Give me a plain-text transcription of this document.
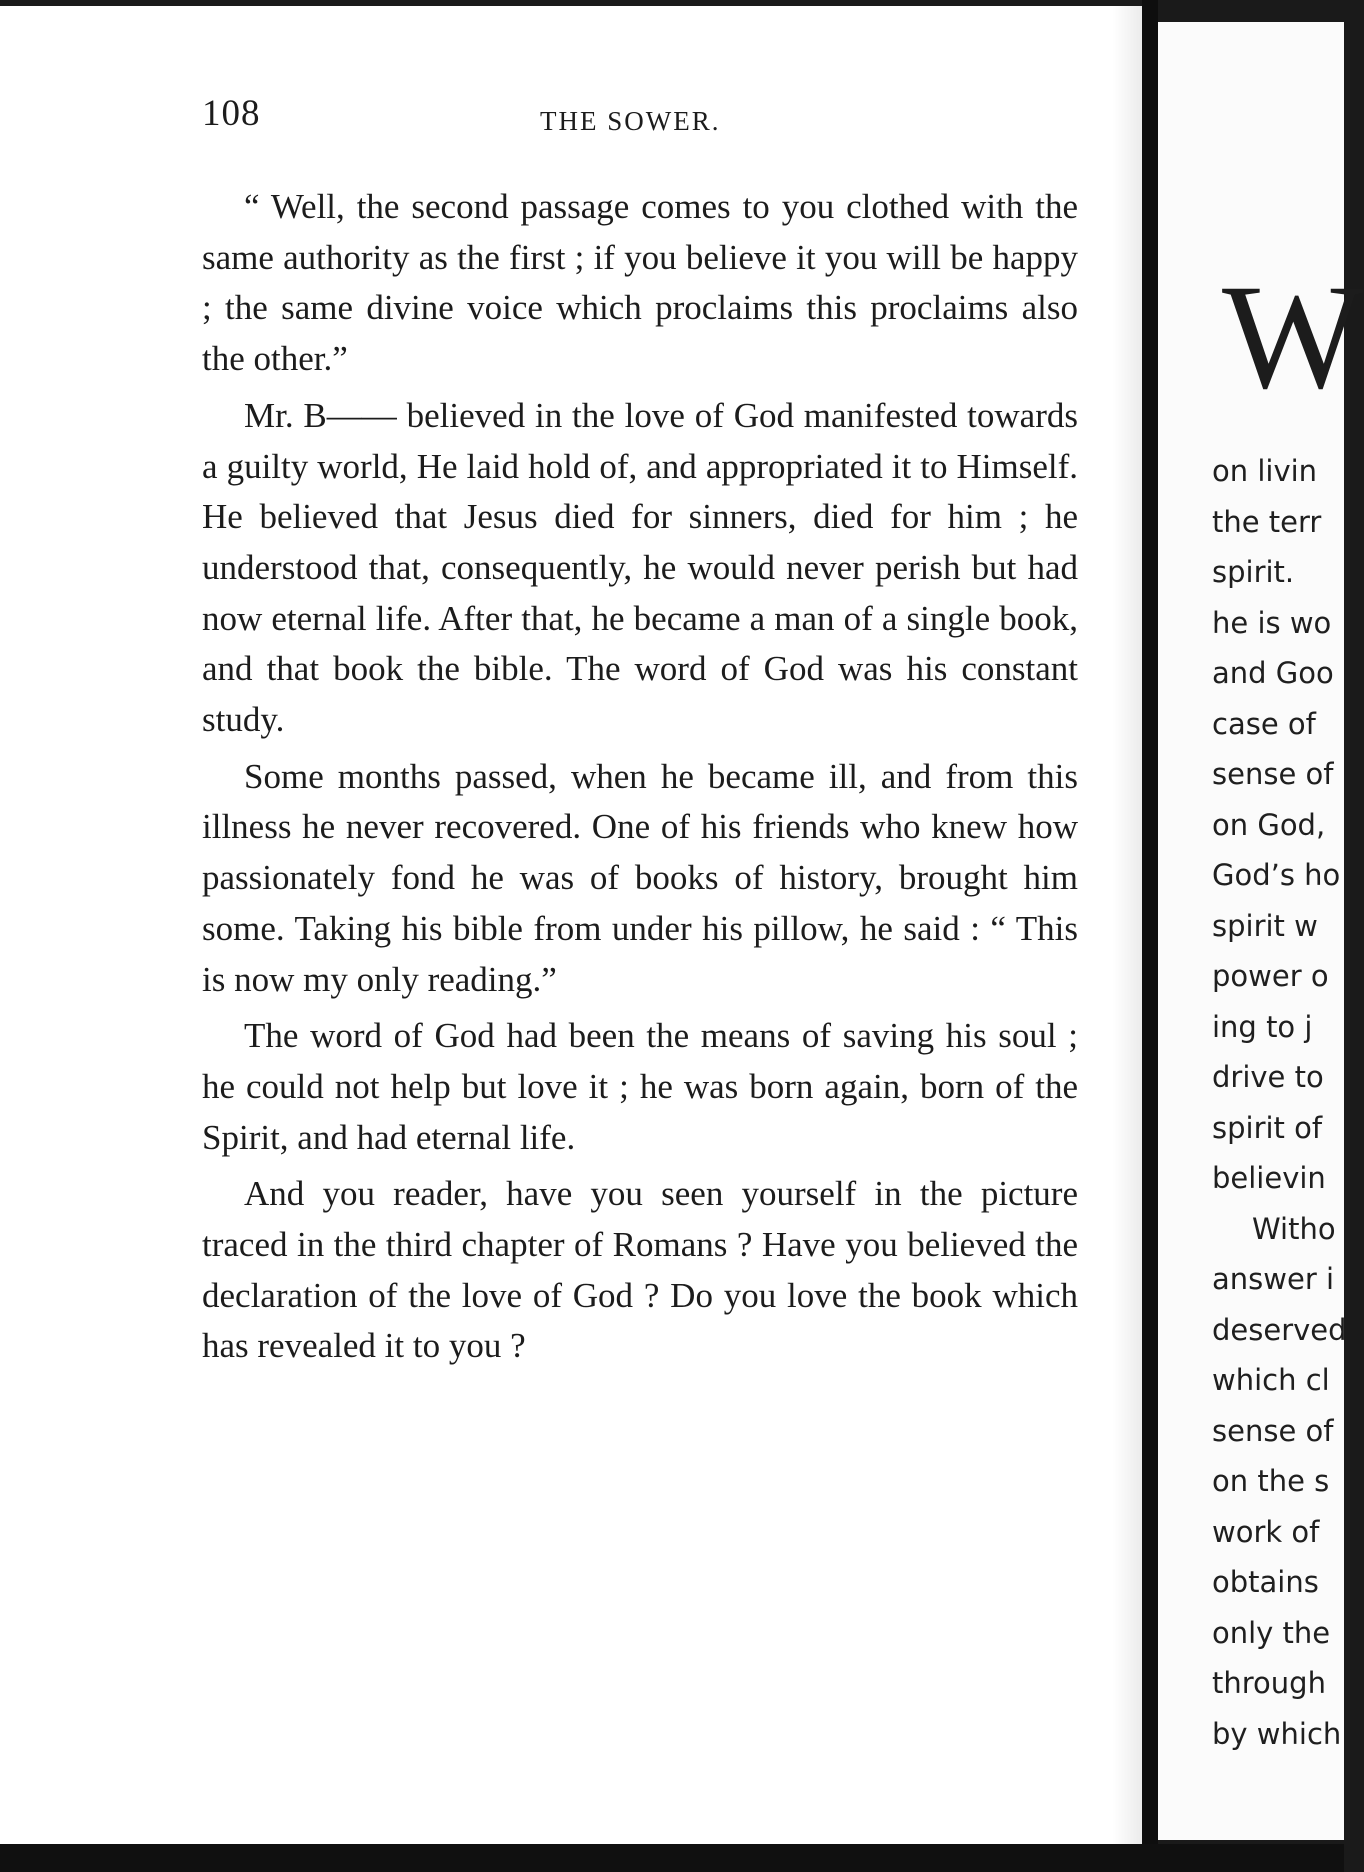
108	THE SOWER.

“ Well, the second passage comes to you clothed with the same authority as the first ; if you believe it you will be happy ; the same divine voice which proclaims this proclaims also the other.”

Mr. B—— believed in the love of God manifested towards a guilty world, He laid hold of, and appropriated it to Himself. He believed that Jesus died for sinners, died for him ; he understood that, consequently, he would never perish but had now eternal life. After that, he became a man of a single book, and that book the bible. The word of God was his constant study.

Some months passed, when he became ill, and from this illness he never recovered. One of his friends who knew how passionately fond he was of books of history, brought him some. Taking his bible from under his pillow, he said : “ This is now my only reading.”

The word of God had been the means of saving his soul ; he could not help but love it ; he was born again, born of the Spirit, and had eternal life.

And you reader, have you seen yourself in the picture traced in the third chapter of Romans ? Have you believed the declaration of the love of God ? Do you love the book which has revealed it to you ?

W
on livin
the terr
spirit.
he is wo
and Goo
case of
sense of
on God,
God’s ho
spirit w
power o
ing to j
drive to
spirit of
believin
Witho
answer i
deserved
which cl
sense of
on the s
work of
obtains
only the
through
by which
